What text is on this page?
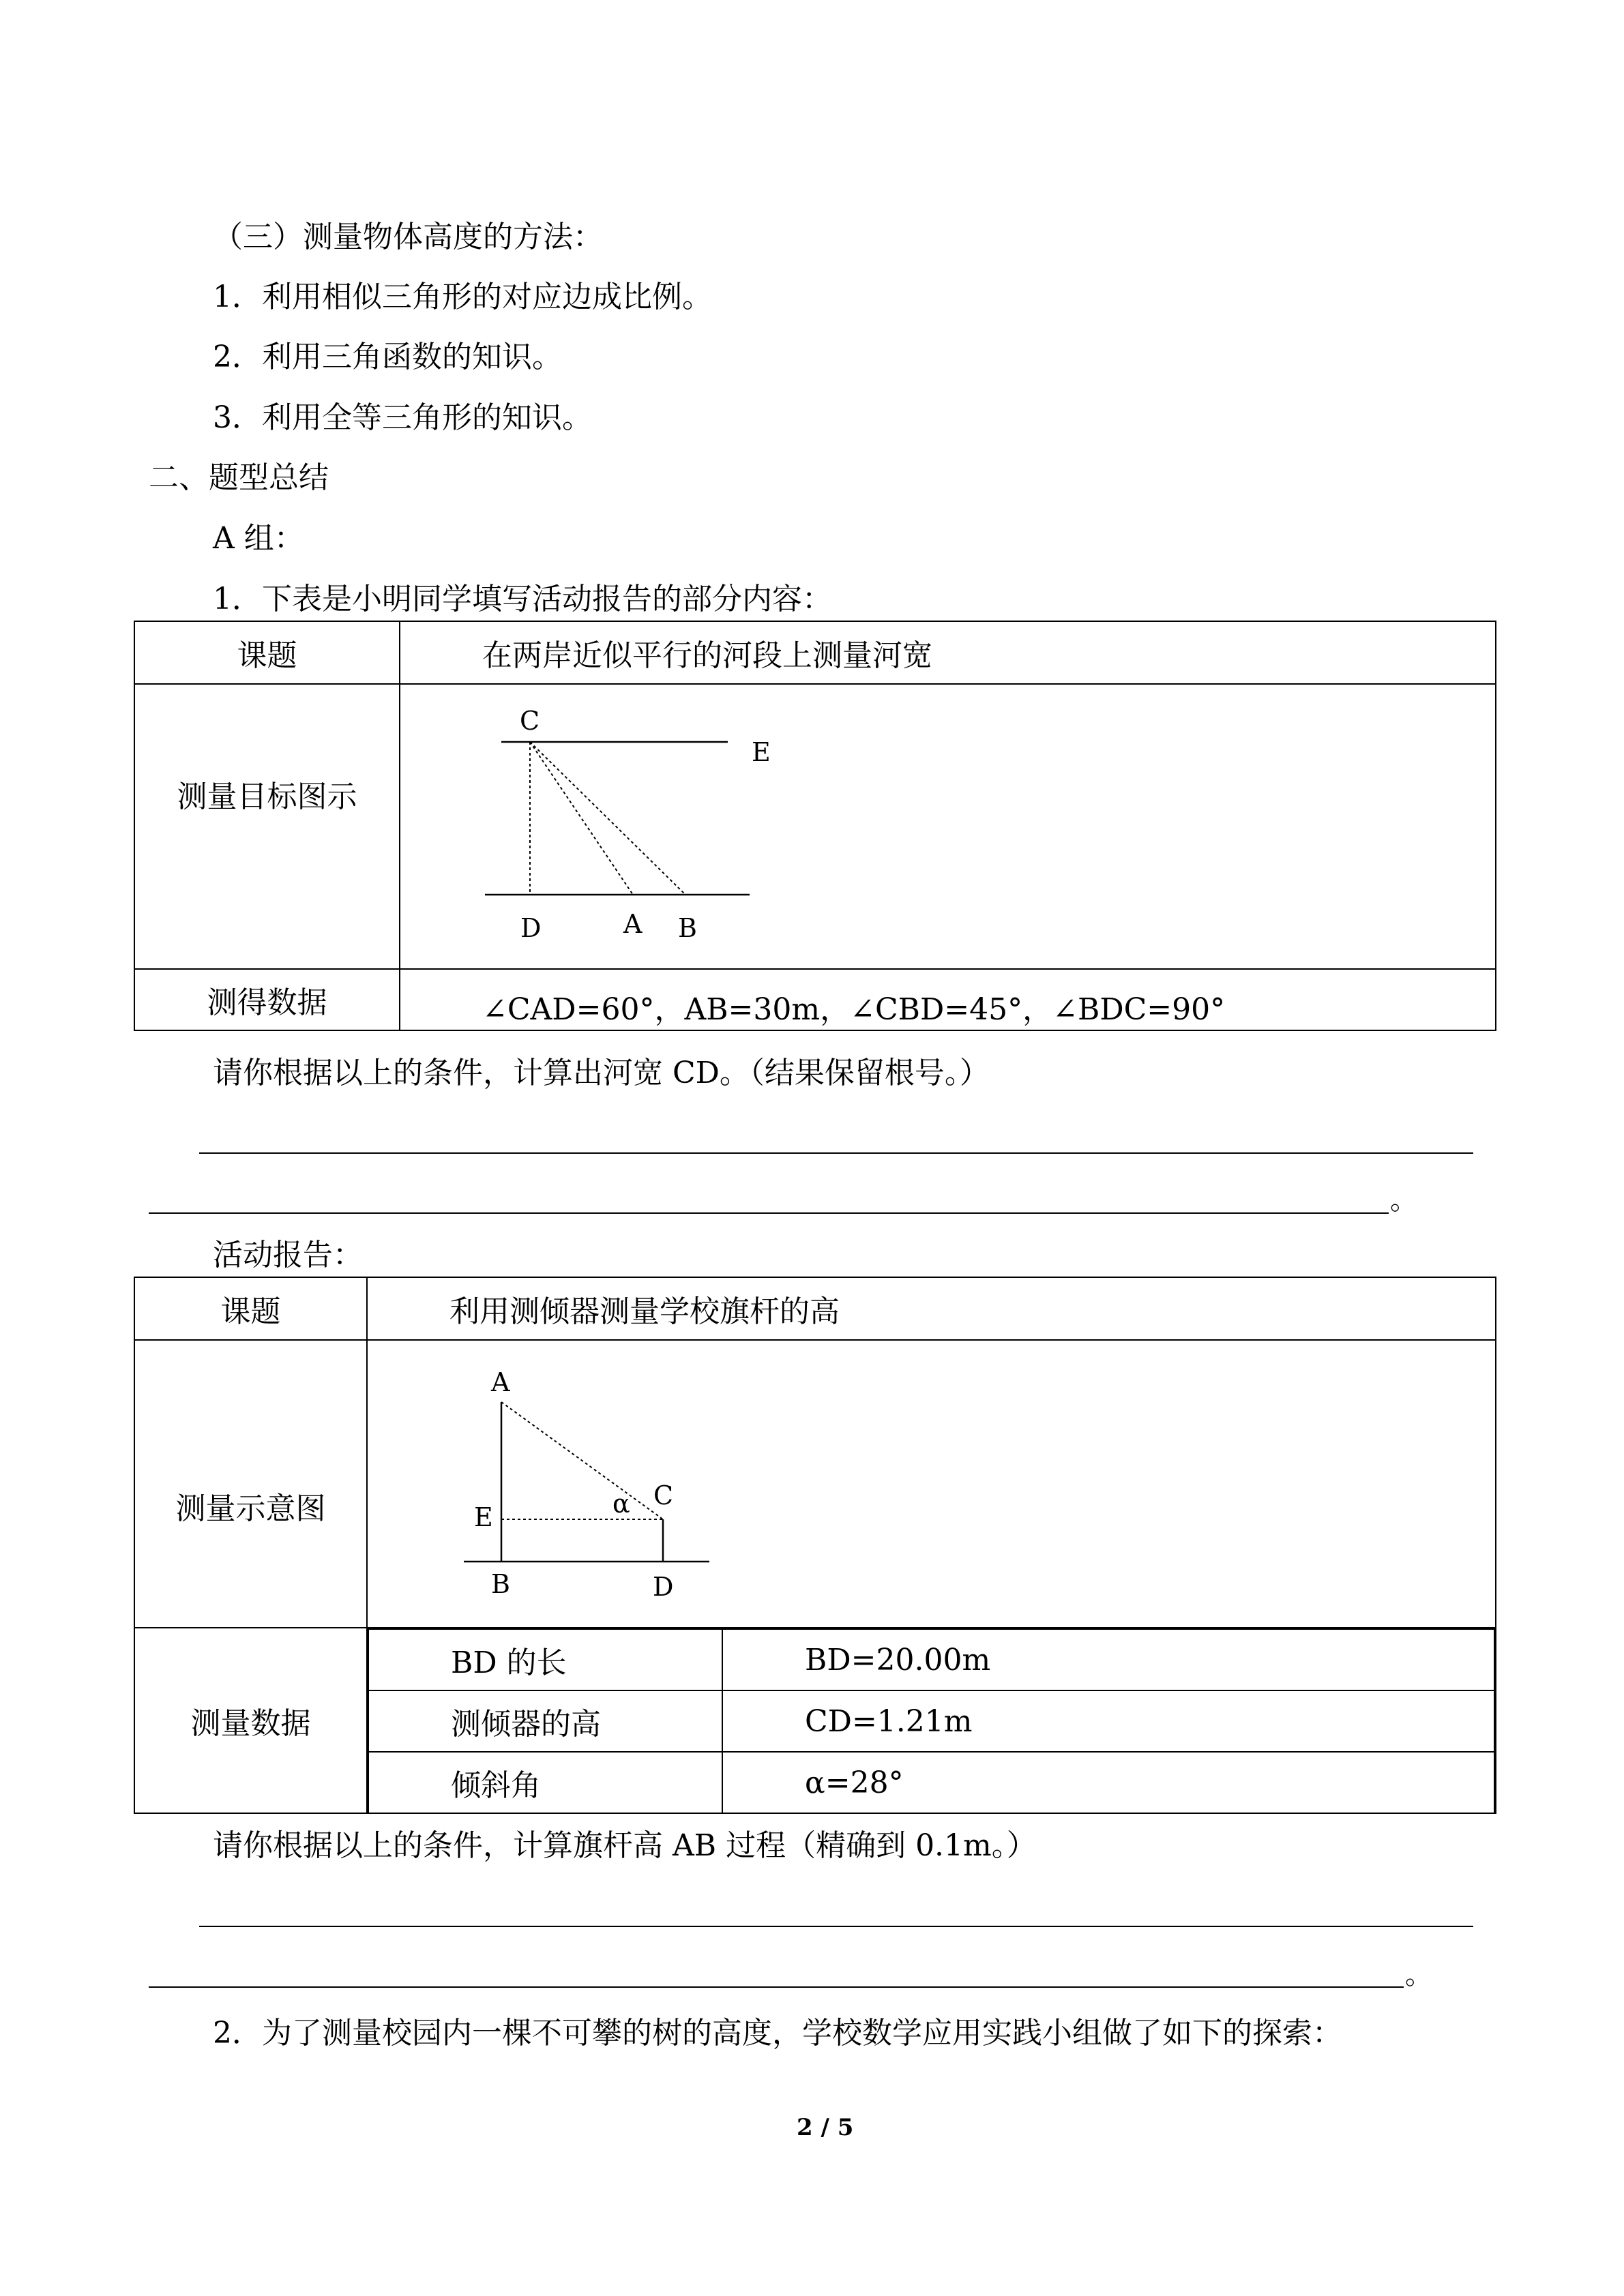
（三）测量物体高度的方法：
1．利用相似三角形的对应边成比例。
2．利用三角函数的知识。
3．利用全等三角形的知识。
二、题型总结
A 组：
1．下表是小明同学填写活动报告的部分内容：
课题	在两岸近似平行的河段上测量河宽
测量目标图示	C
E
D A B

测得数据	∠CAD=60°，AB=30m，∠CBD=45°，∠BDC=90°
请你根据以上的条件，计算出河宽 CD。（结果保留根号。）
。
活动报告：
课题	利用测倾器测量学校旗杆的高
测量示意图	

测量数据	
BD 的长	BD=20.00m
测倾器的高	CD=1.21m
倾斜角	α=28°
A
E	α C
B	D
请你根据以上的条件，计算旗杆高 AB 过程（精确到 0.1m。）
。
2．为了测量校园内一棵不可攀的树的高度，学校数学应用实践小组做了如下的探索：
2 / 5
